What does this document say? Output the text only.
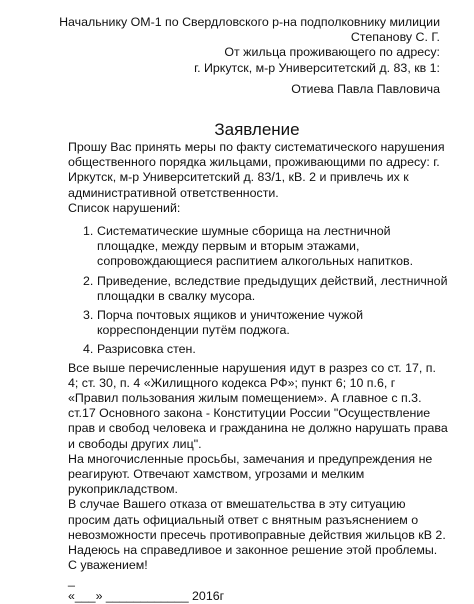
Начальнику ОМ-1 по Свердловского р-на подполковнику милиции
Степанову С. Г.
От жильца проживающего по адресу:
г. Иркутск, м-р Университетский д. 83, кв 1:
Отиева Павла Павловича
Заявление

Прошу Вас принять меры по факту систематического нарушения общественного порядка жильцами, проживающими по адресу: г. Иркутск, м-р Университетский д. 83/1, кВ. 2 и привлечь их к административной ответственности.

Список нарушений:

1. Систематические шумные сборища на лестничной площадке, между первым и вторым этажами, сопровождающиеся распитием алкогольных напитков.
2. Приведение, вследствие предыдущих действий, лестничной площадки в свалку мусора.
3. Порча почтовых ящиков и уничтожение чужой корреспонденции путём поджога.
4. Разрисовка стен.

Все выше перечисленные нарушения идут в разрез со ст. 17, п. 4; ст. 30, п. 4 «Жилищного кодекса РФ»; пункт 6; 10 п.6, г «Правил пользования жилым помещением». А главное с п.3. ст.17 Основного закона - Конституции России "Осуществление прав и свобод человека и гражданина не должно нарушать права и свободы других лиц".

На многочисленные просьбы, замечания и предупреждения не реагируют. Отвечают хамством, угрозами и мелким рукоприкладством.

В случае Вашего отказа от вмешательства в эту ситуацию просим дать официальный ответ с внятным разъяснением о невозможности пресечь противоправные действия жильцов кВ 2.

Надеюсь на справедливое и законное решение этой проблемы. С уважением!

_

«___» ____________ 2016г
